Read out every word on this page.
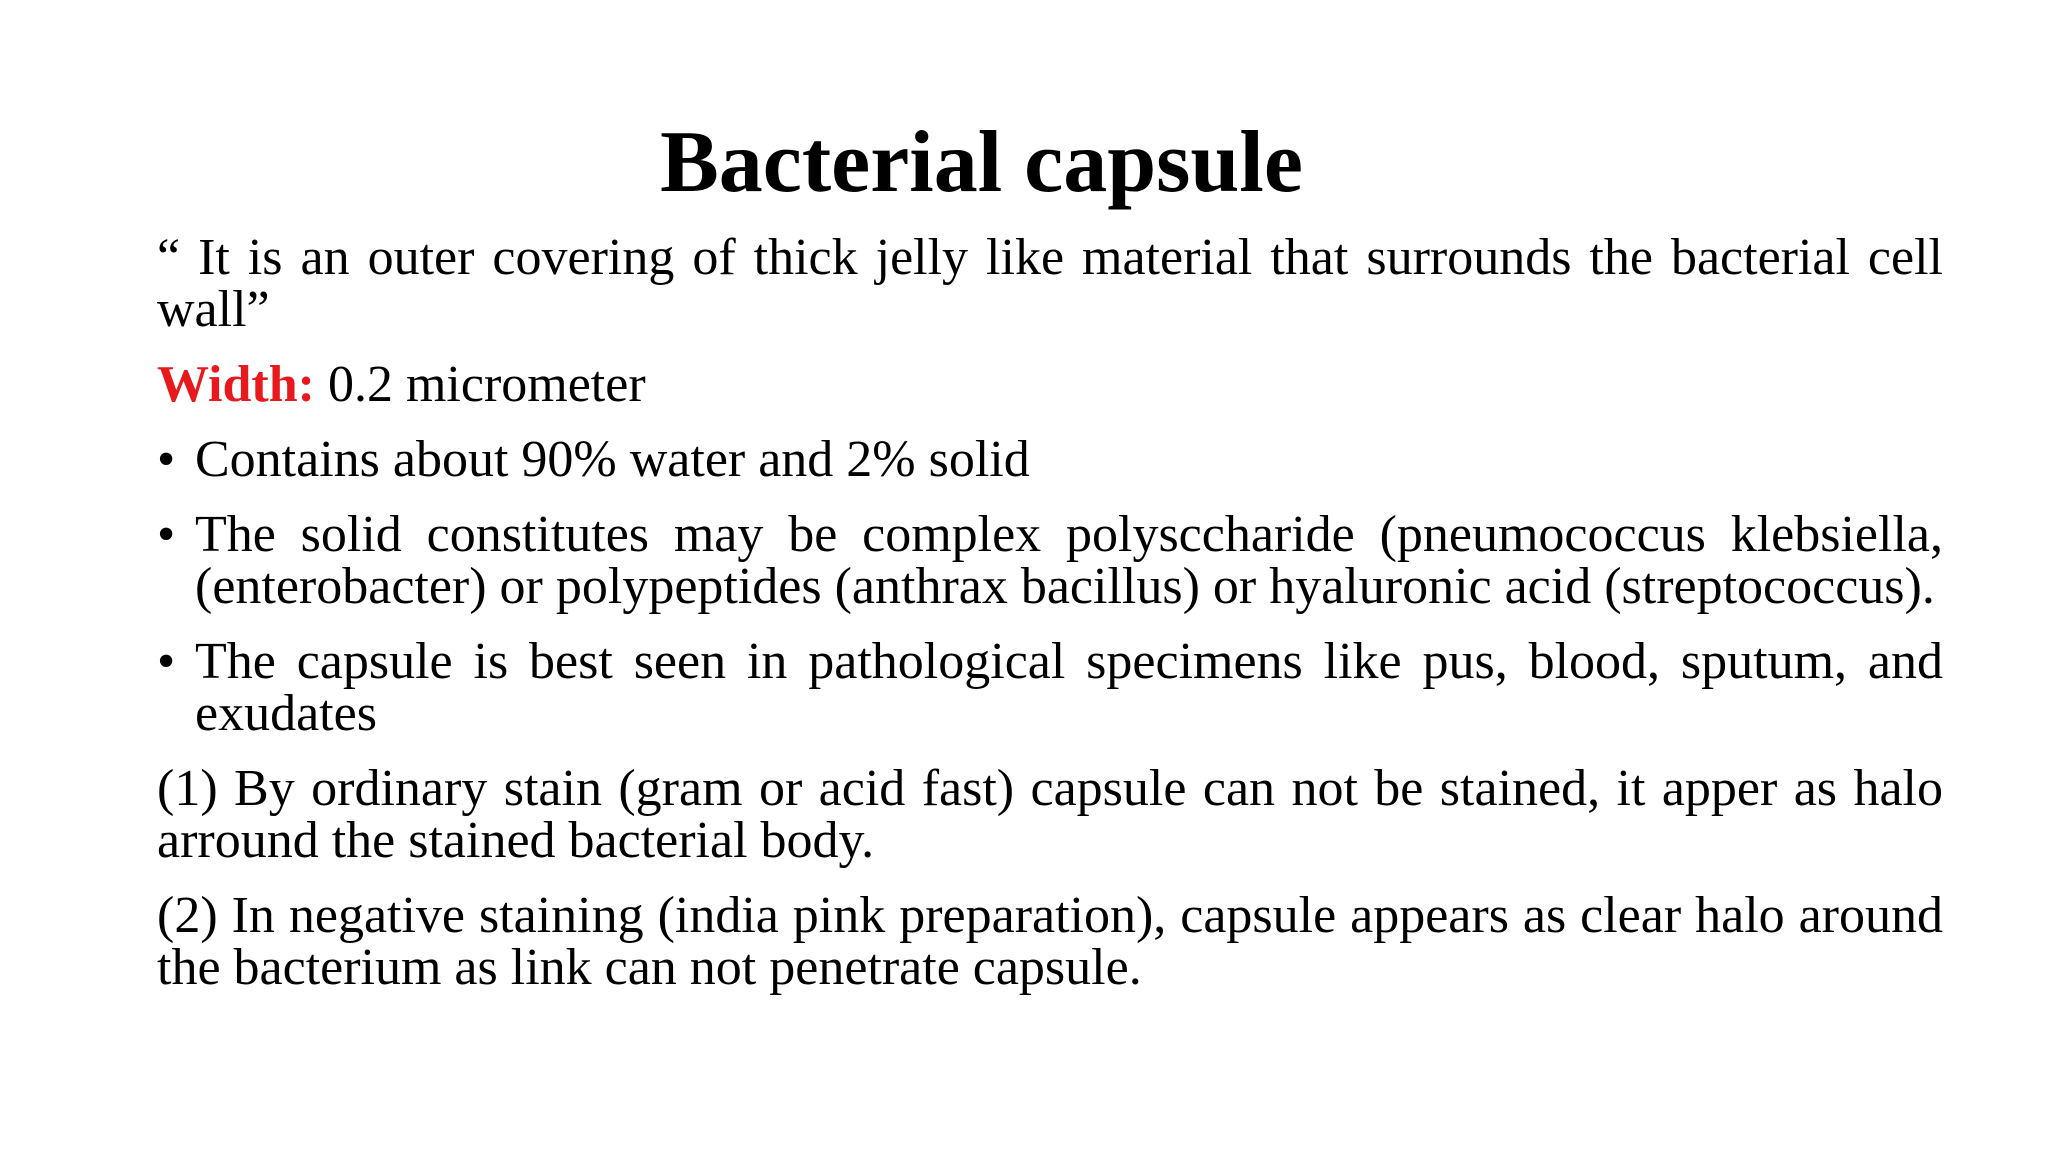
Bacterial capsule

“ It is an outer covering of thick jelly like material that surrounds the bacterial cell wall”

Width: 0.2 micrometer

• Contains about 90% water and 2% solid
• The solid constitutes may be complex polysccharide (pneumococcus klebsiella, (enterobacter) or polypeptides (anthrax bacillus) or hyaluronic acid (streptococcus).
• The capsule is best seen in pathological specimens like pus, blood, sputum, and exudates

(1) By ordinary stain (gram or acid fast) capsule can not be stained, it apper as halo arround the stained bacterial body.

(2) In negative staining (india pink preparation), capsule appears as clear halo around the bacterium as link can not penetrate capsule.
